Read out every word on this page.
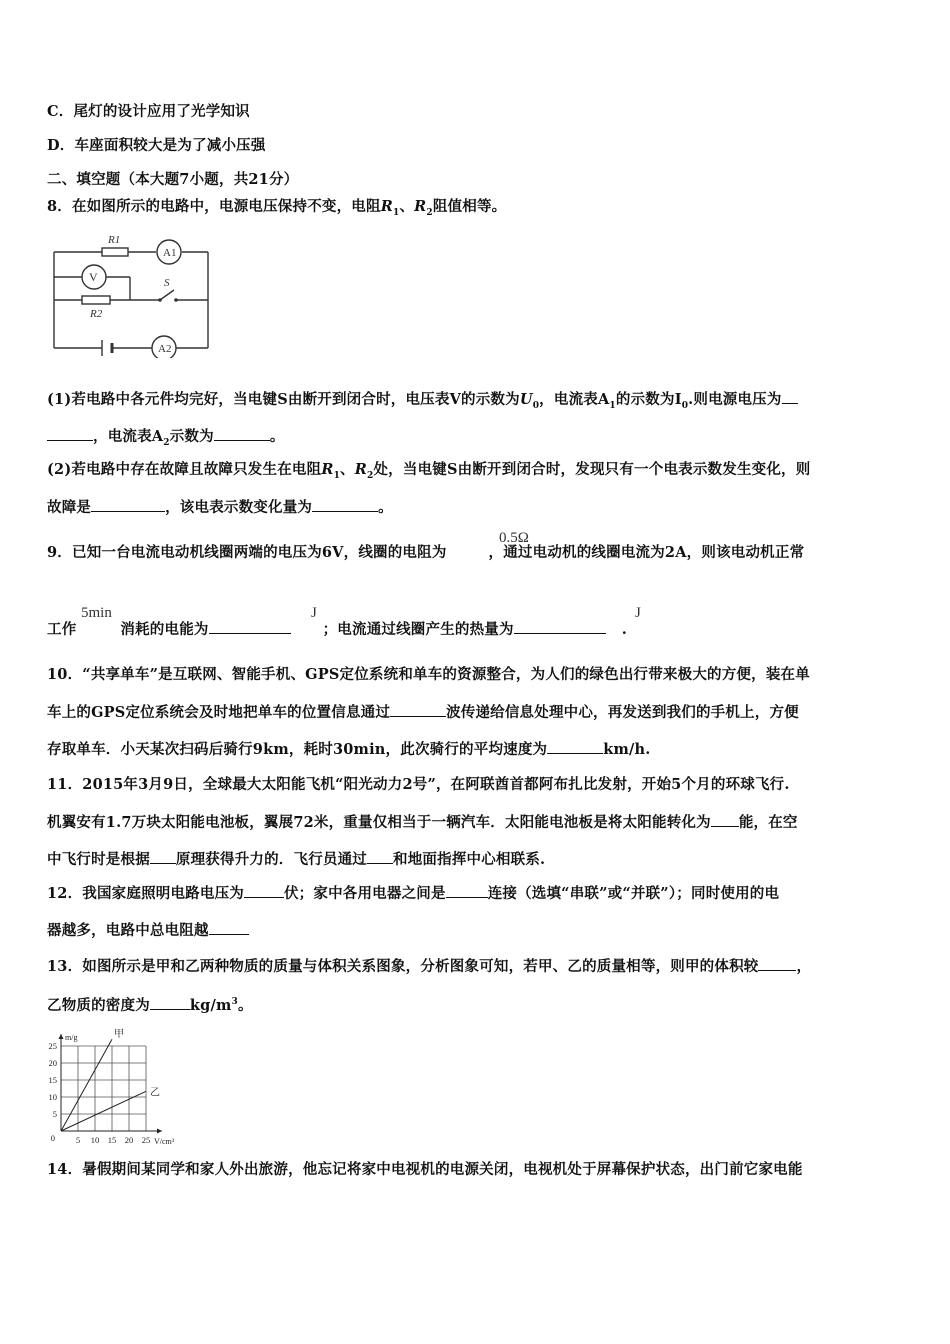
C．尾灯的设计应用了光学知识
D．车座面积较大是为了减小压强
二、填空题（本大题7小题，共21分）
8．在如图所示的电路中，电源电压保持不变，电阻$R_1$、$R_2$阻值相等。
A1
V
A2
R1
R2
S
(1)若电路中各元件均完好，当电键S由断开到闭合时，电压表V的示数为$U_0$，电流表$A_1$的示数为$I_0$.则电源电压为
，电流表$A_2$示数为	。
(2)若电路中存在故障且故障只发生在电阻$R_1$、$R_2$处，当电键S由断开到闭合时，发现只有一个电表示数发生变化，则
故障是	，该电表示数变化量为	。
9．已知一台电流电动机线圈两端的电压为6V，线圈的电阻为	，通过电动机的线圈电流为2A，则该电动机正常
0.5Ω
工作	消耗的电能为	；电流通过线圈产生的热量为	.
5min	J	J
10．“共享单车”是互联网、智能手机、GPS定位系统和单车的资源整合，为人们的绿色出行带来极大的方便，装在单
车上的GPS定位系统会及时地把单车的位置信息通过	波传递给信息处理中心，再发送到我们的手机上，方便
存取单车．小天某次扫码后骑行9km，耗时30min，此次骑行的平均速度为	km/h.
11．2015年3月9日，全球最大太阳能飞机“阳光动力2号”，在阿联酋首都阿布扎比发射，开始5个月的环球飞行.
机翼安有1.7万块太阳能电池板，翼展72米，重量仅相当于一辆汽车．太阳能电池板是将太阳能转化为 能，在空
中飞行时是根据 原理获得升力的．飞行员通过 和地面指挥中心相联系.
12．我国家庭照明电路电压为	伏；家中各用电器之间是	连接（选填“串联”或“并联”）；同时使用的电
器越多，电路中总电阻越
13．如图所示是甲和乙两种物质的质量与体积关系图象，分析图象可知，若甲、乙的质量相等，则甲的体积较	，
乙物质的密度为	$kg/m^3$。
5 10 15 20 25
5
10
15
20
25
0	V/cm³
m/g	甲
乙
14．暑假期间某同学和家人外出旅游，他忘记将家中电视机的电源关闭，电视机处于屏幕保护状态，出门前它家电能
